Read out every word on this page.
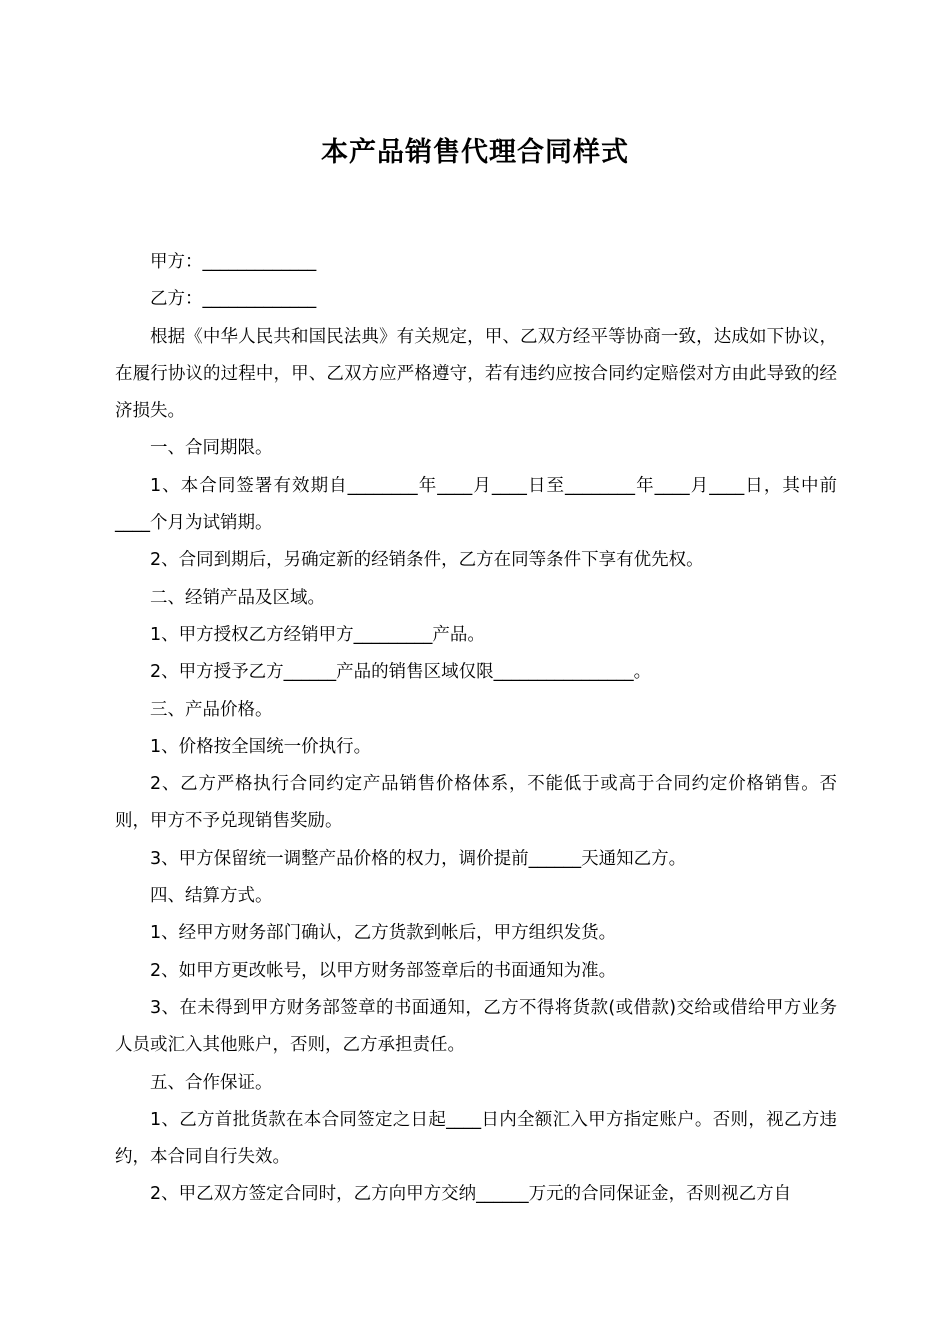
本产品销售代理合同样式

甲方：_____________

乙方：_____________

根据《中华人民共和国民法典》有关规定，甲、乙双方经平等协商一致，达成如下协议，在履行协议的过程中，甲、乙双方应严格遵守，若有违约应按合同约定赔偿对方由此导致的经济损失。

一、合同期限。

1、本合同签署有效期自________年____月____日至________年____月____日，其中前____个月为试销期。

2、合同到期后，另确定新的经销条件，乙方在同等条件下享有优先权。

二、经销产品及区域。

1、甲方授权乙方经销甲方_________产品。

2、甲方授予乙方______产品的销售区域仅限________________。

三、产品价格。

1、价格按全国统一价执行。

2、乙方严格执行合同约定产品销售价格体系，不能低于或高于合同约定价格销售。否则，甲方不予兑现销售奖励。

3、甲方保留统一调整产品价格的权力，调价提前______天通知乙方。

四、结算方式。

1、经甲方财务部门确认，乙方货款到帐后，甲方组织发货。

2、如甲方更改帐号，以甲方财务部签章后的书面通知为准。

3、在未得到甲方财务部签章的书面通知，乙方不得将货款(或借款)交给或借给甲方业务人员或汇入其他账户，否则，乙方承担责任。

五、合作保证。

1、乙方首批货款在本合同签定之日起____日内全额汇入甲方指定账户。否则，视乙方违约，本合同自行失效。

2、甲乙双方签定合同时，乙方向甲方交纳______万元的合同保证金，否则视乙方自
